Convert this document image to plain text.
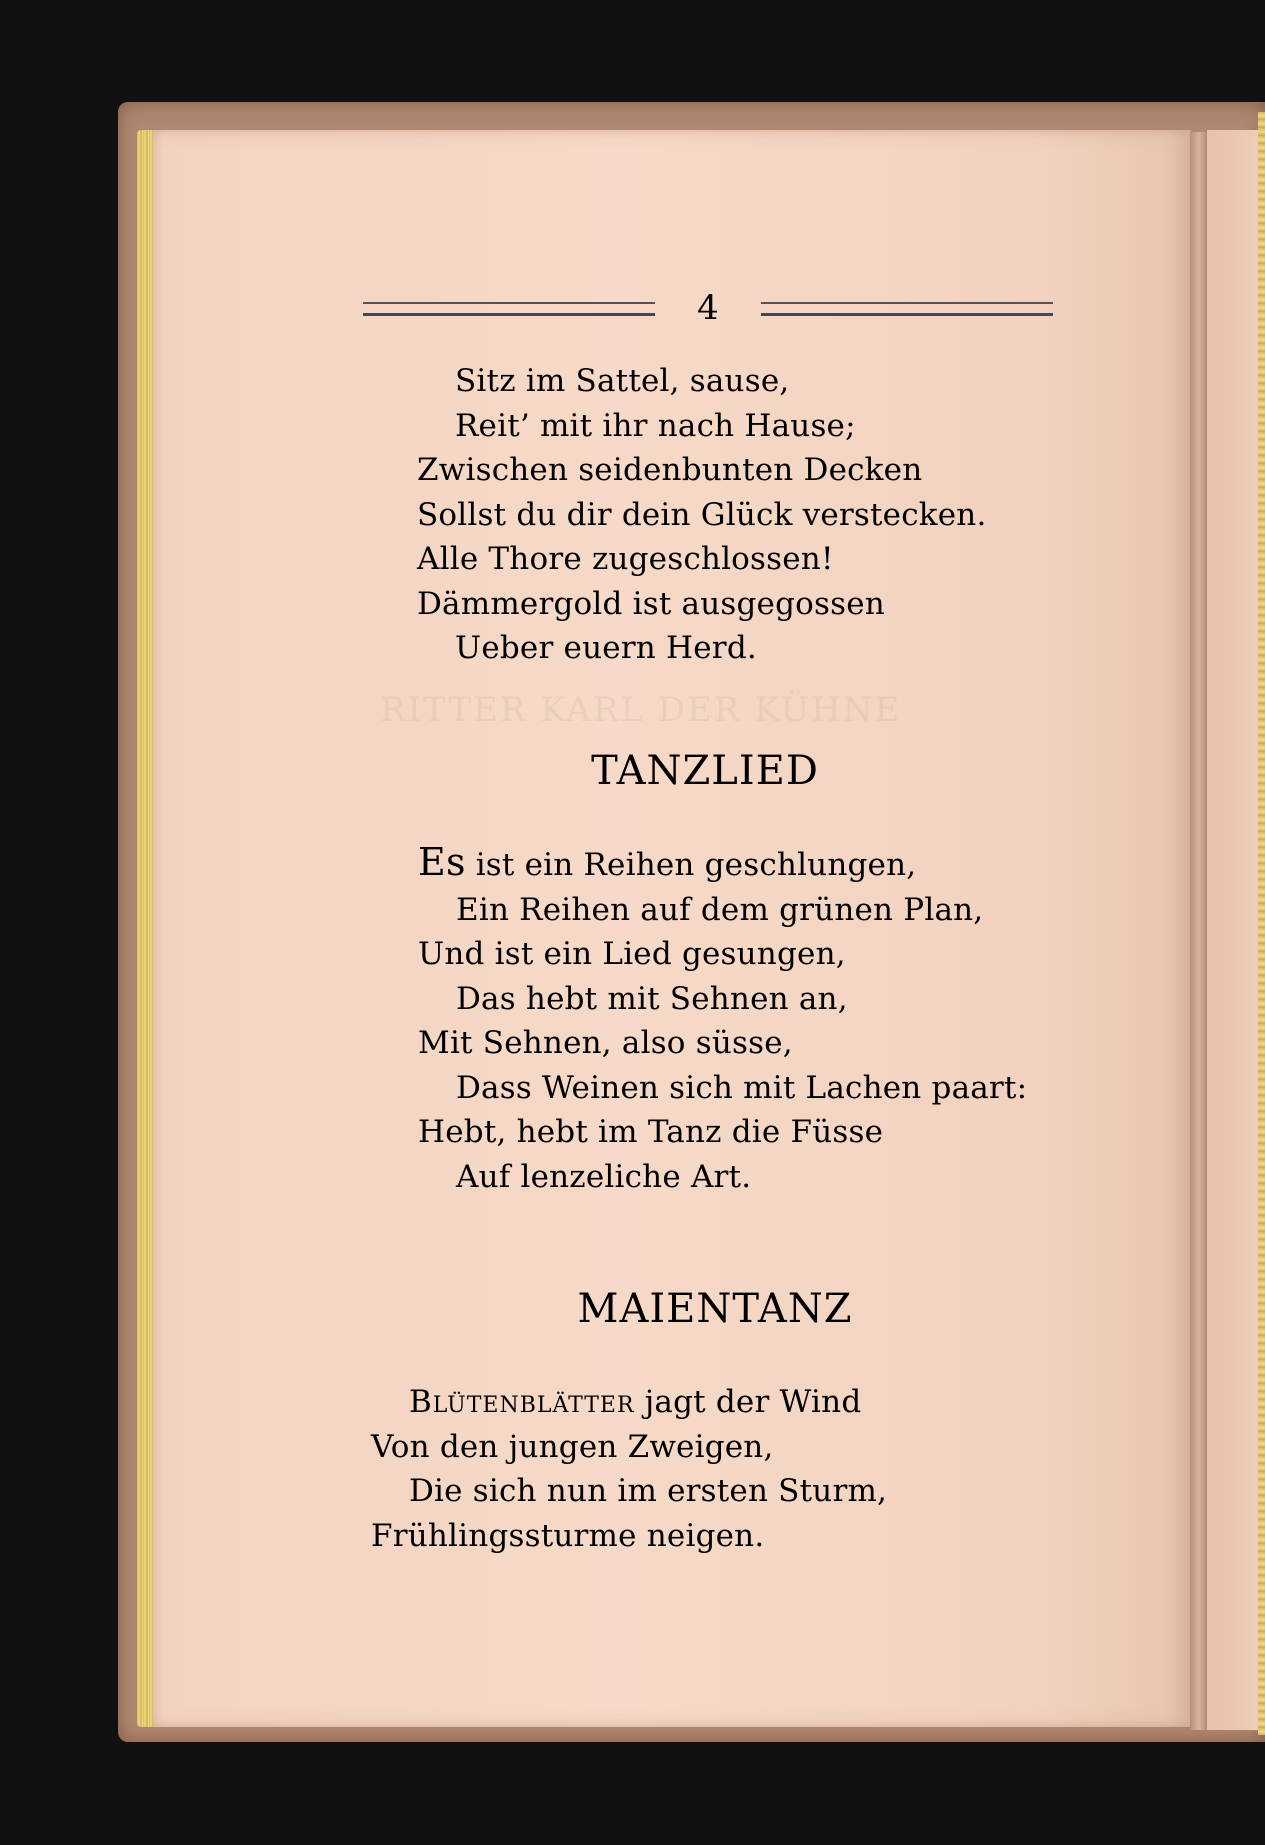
RITTER KARL DER KÜHNE
4
Sitz im Sattel, sause,
Reit’ mit ihr nach Hause;
Zwischen seidenbunten Decken
Sollst du dir dein Glück verstecken.
Alle Thore zugeschlossen!
Dämmergold ist ausgegossen
Ueber euern Herd.
TANZLIED
Es ist ein Reihen geschlungen,
Ein Reihen auf dem grünen Plan,
Und ist ein Lied gesungen,
Das hebt mit Sehnen an,
Mit Sehnen, also süsse,
Dass Weinen sich mit Lachen paart:
Hebt, hebt im Tanz die Füsse
Auf lenzeliche Art.
MAIENTANZ
Blütenblätter jagt der Wind
Von den jungen Zweigen,
Die sich nun im ersten Sturm,
Frühlingssturme neigen.
